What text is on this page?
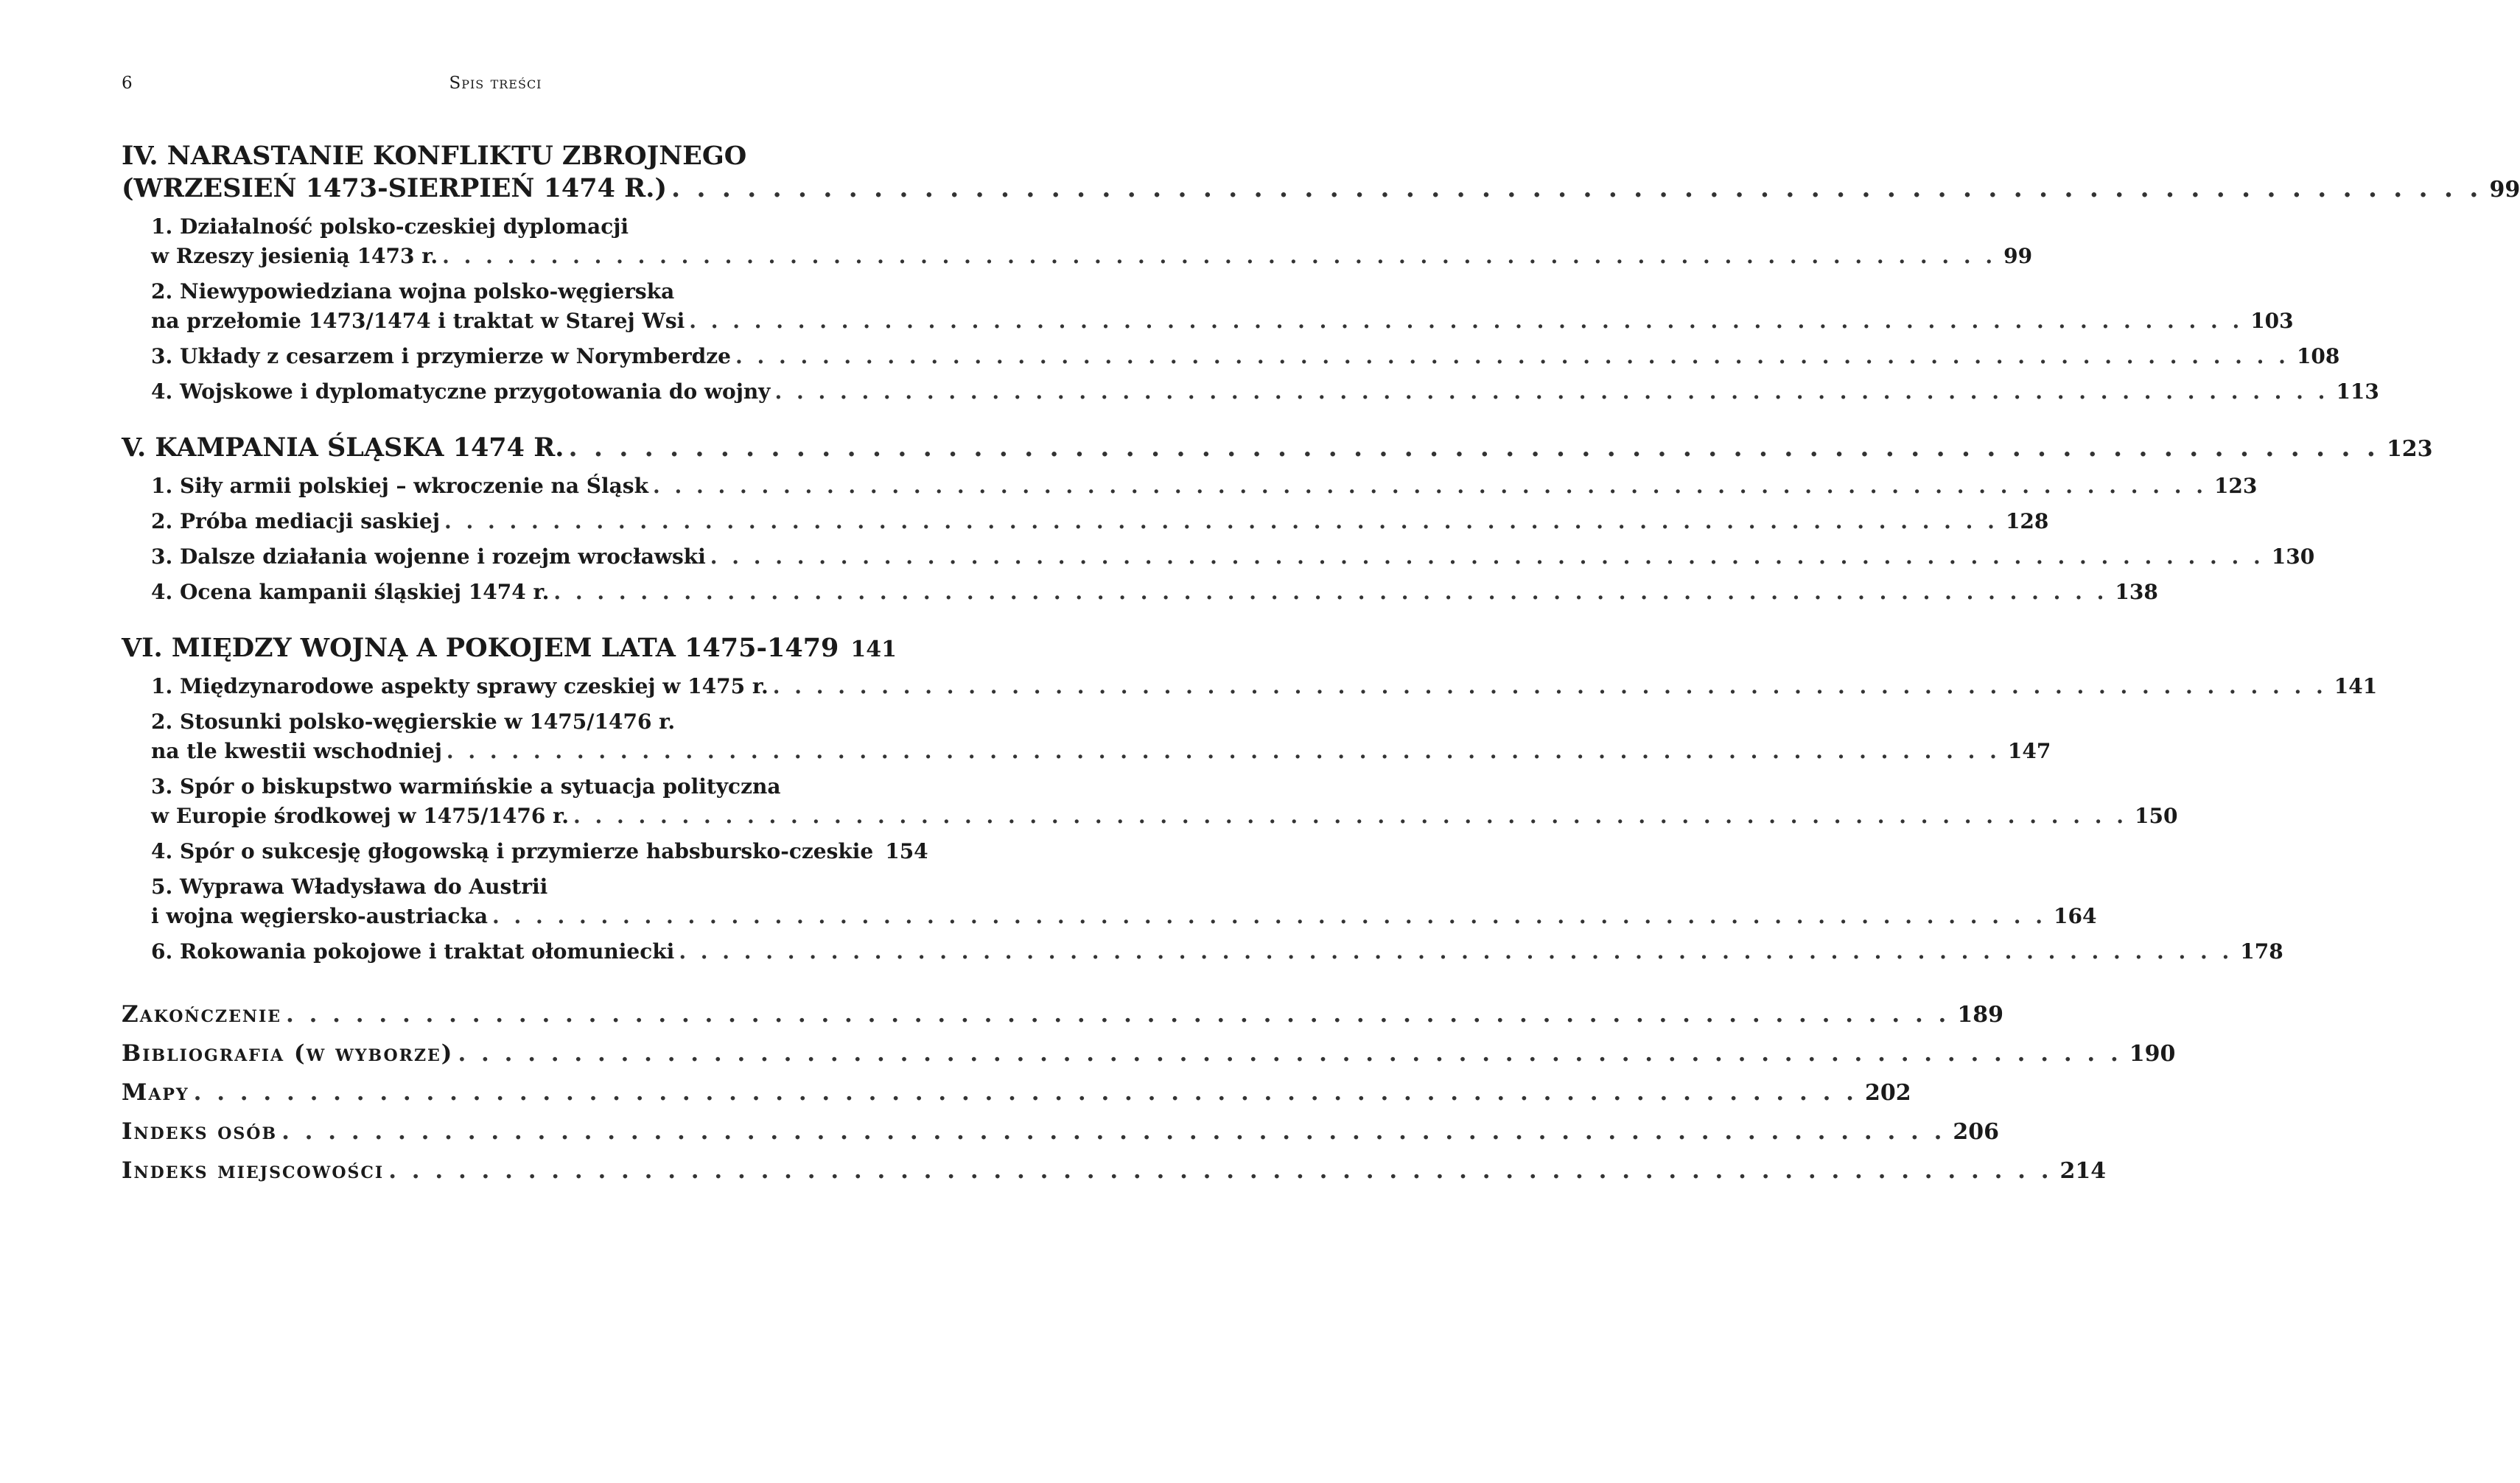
6	Spis treści
IV. NARASTANIE KONFLIKTU ZBROJNEGO
(WRZESIEŃ 1473-SIERPIEŃ 1474 R.) . . . . . . . . . . . . . . . . . . . . . . . . . . . . . . . . . . . . . . . . . . . . . . . . . . . . . . . . . . . . . . . . . . . . . . . . 99
1. Działalność polsko-czeskiej dyplomacji
w Rzeszy jesienią 1473 r. . . . . . . . . . . . . . . . . . . . . . . . . . . . . . . . . . . . . . . . . . . . . . . . . . . . . . . . . . . . . . . . . . . . . . . . . 99
2. Niewypowiedziana wojna polsko-węgierska
na przełomie 1473/1474 i traktat w Starej Wsi . . . . . . . . . . . . . . . . . . . . . . . . . . . . . . . . . . . . . . . . . . . . . . . . . . . . . . . . . . . . . . . . . . . . . . . . 103
3. Układy z cesarzem i przymierze w Norymberdze . . . . . . . . . . . . . . . . . . . . . . . . . . . . . . . . . . . . . . . . . . . . . . . . . . . . . . . . . . . . . . . . . . . . . . . . 108
4. Wojskowe i dyplomatyczne przygotowania do wojny . . . . . . . . . . . . . . . . . . . . . . . . . . . . . . . . . . . . . . . . . . . . . . . . . . . . . . . . . . . . . . . . . . . . . . . . 113
V. KAMPANIA ŚLĄSKA 1474 R. . . . . . . . . . . . . . . . . . . . . . . . . . . . . . . . . . . . . . . . . . . . . . . . . . . . . . . . . . . . . . . . . . . . . . . . . 123
1. Siły armii polskiej – wkroczenie na Śląsk . . . . . . . . . . . . . . . . . . . . . . . . . . . . . . . . . . . . . . . . . . . . . . . . . . . . . . . . . . . . . . . . . . . . . . . . 123
2. Próba mediacji saskiej . . . . . . . . . . . . . . . . . . . . . . . . . . . . . . . . . . . . . . . . . . . . . . . . . . . . . . . . . . . . . . . . . . . . . . . . 128
3. Dalsze działania wojenne i rozejm wrocławski . . . . . . . . . . . . . . . . . . . . . . . . . . . . . . . . . . . . . . . . . . . . . . . . . . . . . . . . . . . . . . . . . . . . . . . . 130
4. Ocena kampanii śląskiej 1474 r. . . . . . . . . . . . . . . . . . . . . . . . . . . . . . . . . . . . . . . . . . . . . . . . . . . . . . . . . . . . . . . . . . . . . . . . . 138
VI. MIĘDZY WOJNĄ A POKOJEM LATA 1475-1479 141
1. Międzynarodowe aspekty sprawy czeskiej w 1475 r. . . . . . . . . . . . . . . . . . . . . . . . . . . . . . . . . . . . . . . . . . . . . . . . . . . . . . . . . . . . . . . . . . . . . . . . . 141
2. Stosunki polsko-węgierskie w 1475/1476 r.
na tle kwestii wschodniej . . . . . . . . . . . . . . . . . . . . . . . . . . . . . . . . . . . . . . . . . . . . . . . . . . . . . . . . . . . . . . . . . . . . . . . . 147
3. Spór o biskupstwo warmińskie a sytuacja polityczna
w Europie środkowej w 1475/1476 r. . . . . . . . . . . . . . . . . . . . . . . . . . . . . . . . . . . . . . . . . . . . . . . . . . . . . . . . . . . . . . . . . . . . . . . . . 150
4. Spór o sukcesję głogowską i przymierze habsbursko-czeskie 154
5. Wyprawa Władysława do Austrii
i wojna węgiersko-austriacka . . . . . . . . . . . . . . . . . . . . . . . . . . . . . . . . . . . . . . . . . . . . . . . . . . . . . . . . . . . . . . . . . . . . . . . . 164
6. Rokowania pokojowe i traktat ołomuniecki . . . . . . . . . . . . . . . . . . . . . . . . . . . . . . . . . . . . . . . . . . . . . . . . . . . . . . . . . . . . . . . . . . . . . . . . 178
Zakończenie . . . . . . . . . . . . . . . . . . . . . . . . . . . . . . . . . . . . . . . . . . . . . . . . . . . . . . . . . . . . . . . . . . . . . . . . 189
Bibliografia (w wyborze) . . . . . . . . . . . . . . . . . . . . . . . . . . . . . . . . . . . . . . . . . . . . . . . . . . . . . . . . . . . . . . . . . . . . . . . . 190
Mapy . . . . . . . . . . . . . . . . . . . . . . . . . . . . . . . . . . . . . . . . . . . . . . . . . . . . . . . . . . . . . . . . . . . . . . . . 202
Indeks osób . . . . . . . . . . . . . . . . . . . . . . . . . . . . . . . . . . . . . . . . . . . . . . . . . . . . . . . . . . . . . . . . . . . . . . . . 206
Indeks miejscowości . . . . . . . . . . . . . . . . . . . . . . . . . . . . . . . . . . . . . . . . . . . . . . . . . . . . . . . . . . . . . . . . . . . . . . . . 214
